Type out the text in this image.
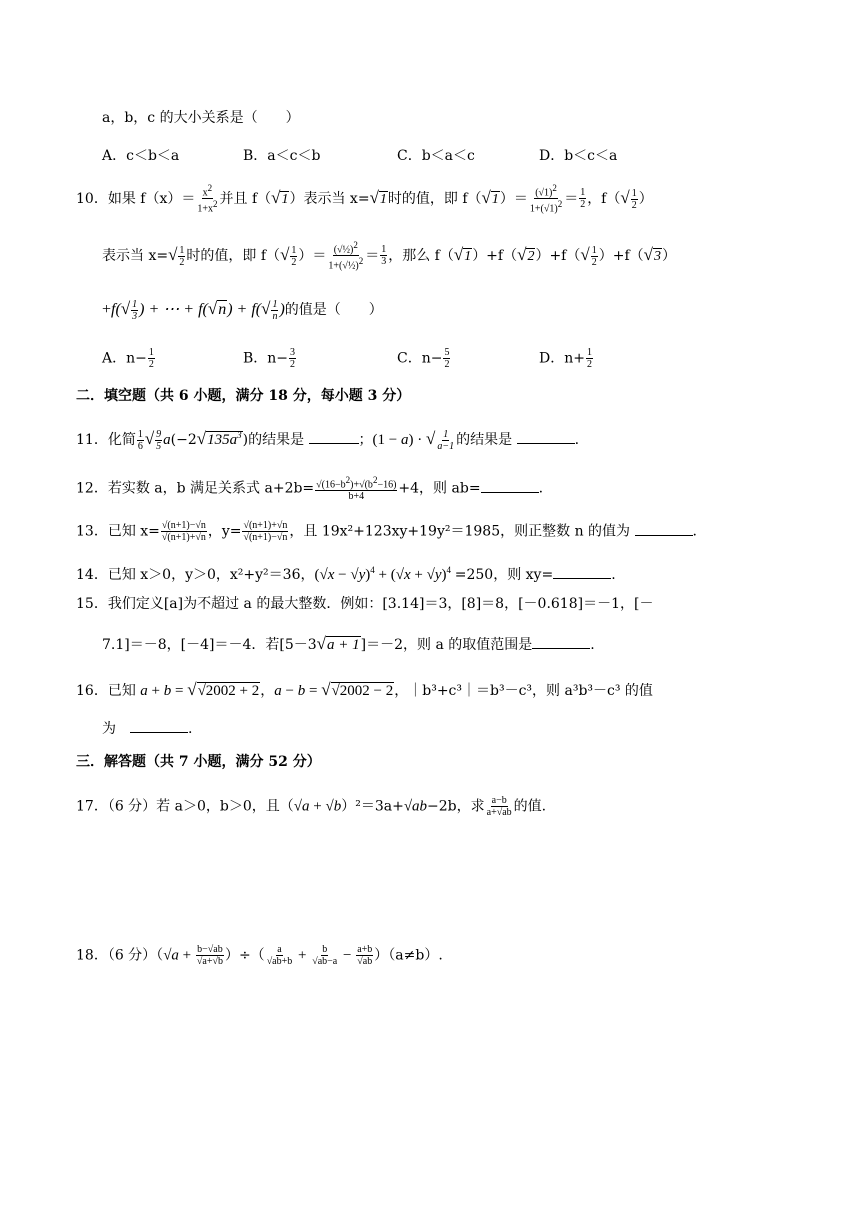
a，b，c 的大小关系是（　　）
A．c＜b＜a	B．a＜c＜b	C．b＜a＜c	D．b＜c＜a
10．如果 $f(x)= \frac{x^2}{1+x^2}$ 并且 f（√1）表示当 x=√1时的值，即 $f(√1)= \frac{(√1)^2}{1+(√1)^2} = \frac{1}{2}$ ，$f(√ \frac{1}{2}$ ）
表示当 $x=√ \frac{1}{2}$ 时的值，即 $f(√ \frac{1}{2}$ ）＝ $\frac{(√\frac{1}{2})^2}{1+(√\frac{1}{2})^2} = \frac{1}{3}$ ，那么 $f(√1)+f(√2)+f(√ \frac{1}{2} )+f(√3)$
$+f(√ \frac{1}{3}$ ) + ⋯ + $f(√n) + f(√ \frac{1}{n}$ )的值是（　　）
A．$n- \frac{1}{2}$	B．$n- \frac{3}{2}$	C．$n- \frac{5}{2}$	D．$n+ \frac{1}{2}$
二．填空题（共 6 小题，满分 18 分，每小题 3 分）
11．化简 $\frac{1}{6}$ √ $\frac{9}{5} a(-2√135a^3)$的结果是	；(1 − a) · √ $\frac{1}{a-1}$ 的结果是	.
12．若实数 a，b 满足关系式 $a+2b= \frac{√(16-b^2)+√(b^2-16)}{b+4} +4$，则 ab=	.
13．已知 $x= \frac{√(n+1)-√n}{√(n+1)+√n}$ ，$y= \frac{√(n+1)+√n}{√(n+1)-√n}$ ，且 19x²+123xy+19y²＝1985，则正整数 n 的值为	.
14．已知 x＞0，y＞0，x²+y²＝36，$(√x - √y)^4 + (√x + √y)^4 =250$，则 xy=	.
15．我们定义[a]为不超过 a 的最大整数．例如：[3.14]＝3，[8]＝8，[－0.618]＝－1，[－
7.1]＝－8，[－4]＝－4．若[5－3√a + 1]＝－2，则 a 的取值范围是	.
16．已知 a + b = √√2002 + 2，a − b = √√2002 − 2，｜b³+c³｜＝b³－c³，则 a³b³－c³ 的值
为　	.
三．解答题（共 7 小题，满分 52 分）
17．（6 分）若 a＞0，b＞0，且（√a + √b）²＝3a+√ab−2b，求 $\frac{a-b}{a+√ab}$ 的值.
18．（6 分）（$√a + \frac{b-√ab}{√a+√b}$ ）÷（ $\frac{a}{√ab+b} + \frac{b}{√ab-a} - \frac{a+b}{√ab} )(a\ne b)$.
